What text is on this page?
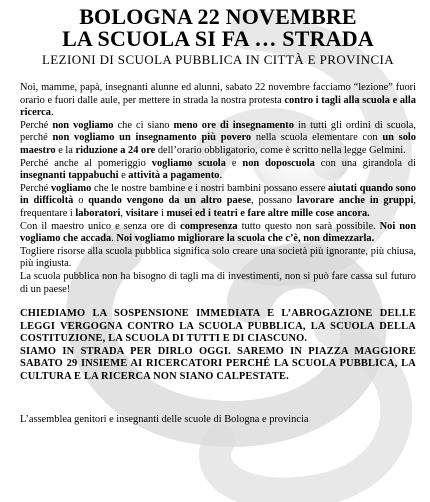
BOLOGNA 22 NOVEMBRE
LA SCUOLA SI FA … STRADA
LEZIONI DI SCUOLA PUBBLICA IN CITTÀ E PROVINCIA

Noi, mamme, papà, insegnanti alunne ed alunni, sabato 22 novembre facciamo “lezione” fuori orario e fuori dalle aule, per mettere in strada la nostra protesta contro i tagli alla scuola e alla ricerca.

Perché non vogliamo che ci siano meno ore di insegnamento in tutti gli ordini di scuola, perché non vogliamo un insegnamento più povero nella scuola elementare con un solo maestro e la riduzione a 24 ore dell’orario obbligatorio, come è scritto nella legge Gelmini.

Perché anche al pomeriggio vogliamo scuola e non doposcuola con una girandola di insegnanti tappabuchi e attività a pagamento.

Perché vogliamo che le nostre bambine e i nostri bambini possano essere aiutati quando sono in difficoltà o quando vengono da un altro paese, possano lavorare anche in gruppi, frequentare i laboratori, visitare i musei ed i teatri e fare altre mille cose ancora.

Con il maestro unico e senza ore di compresenza tutto questo non sarà possibile. Noi non vogliamo che accada. Noi vogliamo migliorare la scuola che c’è, non dimezzarla.

Togliere risorse alla scuola pubblica significa solo creare una società più ignorante, più chiusa, più ingiusta.

La scuola pubblica non ha bisogno di tagli ma di investimenti, non si può fare cassa sul futuro di un paese!

CHIEDIAMO LA SOSPENSIONE IMMEDIATA E L’ABROGAZIONE DELLE LEGGI VERGOGNA CONTRO LA SCUOLA PUBBLICA, LA SCUOLA DELLA COSTITUZIONE, LA SCUOLA DI TUTTI E DI CIASCUNO.

SIAMO IN STRADA PER DIRLO OGGI. SAREMO IN PIAZZA MAGGIORE SABATO 29 INSIEME AI RICERCATORI PERCHÉ LA SCUOLA PUBBLICA, LA CULTURA E LA RICERCA NON SIANO CALPESTATE.

L’assemblea genitori e insegnanti delle scuole di Bologna e provincia
